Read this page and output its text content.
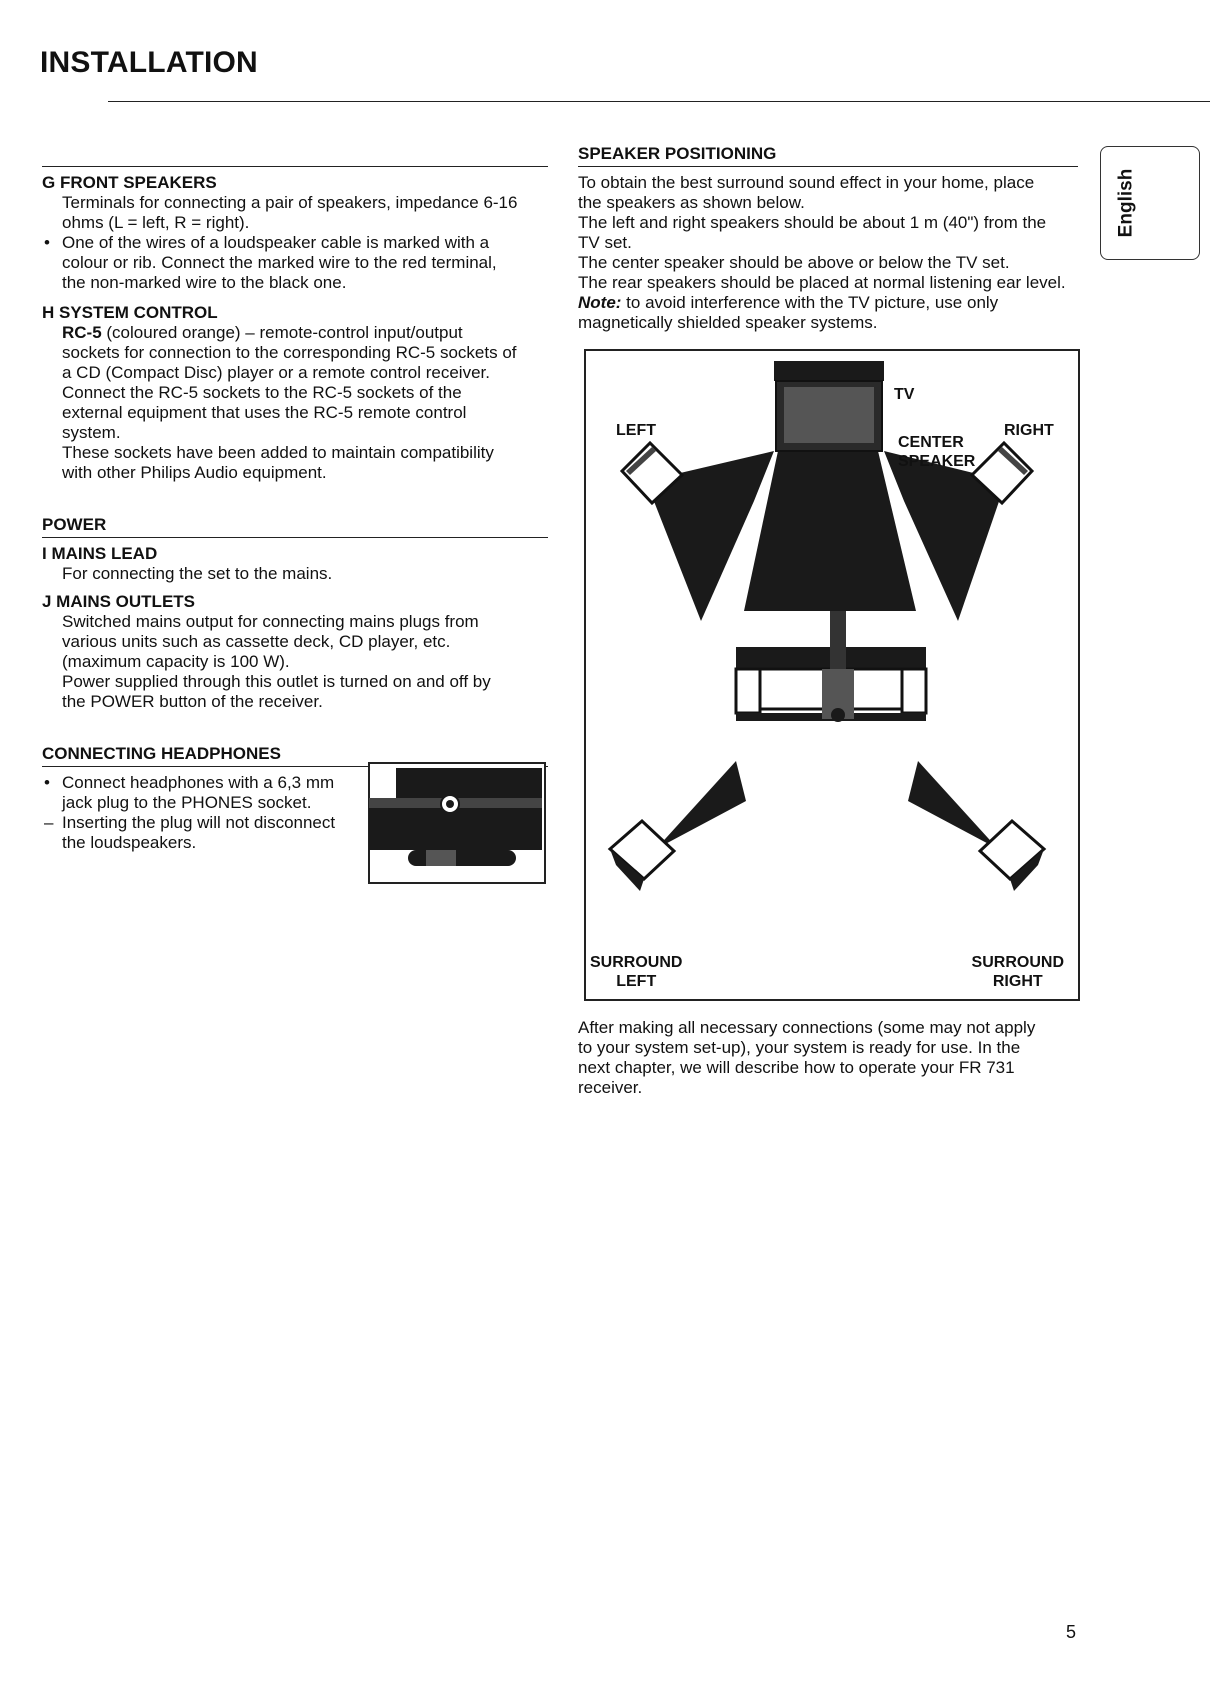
INSTALLATION
English
G FRONT SPEAKERS
Terminals for connecting a pair of speakers, impedance 6-16
ohms (L = left, R = right).
• One of the wires of a loudspeaker cable is marked with a
colour or rib. Connect the marked wire to the red terminal,
the non-marked wire to the black one.
H SYSTEM CONTROL
RC-5 (coloured orange) – remote-control input/output
sockets for connection to the corresponding RC-5 sockets of
a CD (Compact Disc) player or a remote control receiver.
Connect the RC-5 sockets to the RC-5 sockets of the
external equipment that uses the RC-5 remote control
system.
These sockets have been added to maintain compatibility
with other Philips Audio equipment.
POWER
I MAINS LEAD
For connecting the set to the mains.
J MAINS OUTLETS
Switched mains output for connecting mains plugs from
various units such as cassette deck, CD player, etc.
(maximum capacity is 100 W).
Power supplied through this outlet is turned on and off by
the POWER button of the receiver.
CONNECTING HEADPHONES
• Connect headphones with a 6,3 mm
jack plug to the PHONES socket.
– Inserting the plug will not disconnect
the loudspeakers.
SPEAKER POSITIONING
To obtain the best surround sound effect in your home, place
the speakers as shown below.
The left and right speakers should be about 1 m (40") from the
TV set.
The center speaker should be above or below the TV set.
The rear speakers should be placed at normal listening ear level.
Note: to avoid interference with the TV picture, use only
magnetically shielded speaker systems.
TV
LEFT	RIGHT
CENTER
SPEAKER
SURROUND
LEFT
SURROUND
RIGHT
After making all necessary connections (some may not apply
to your system set-up), your system is ready for use. In the
next chapter, we will describe how to operate your FR 731
receiver.
5
